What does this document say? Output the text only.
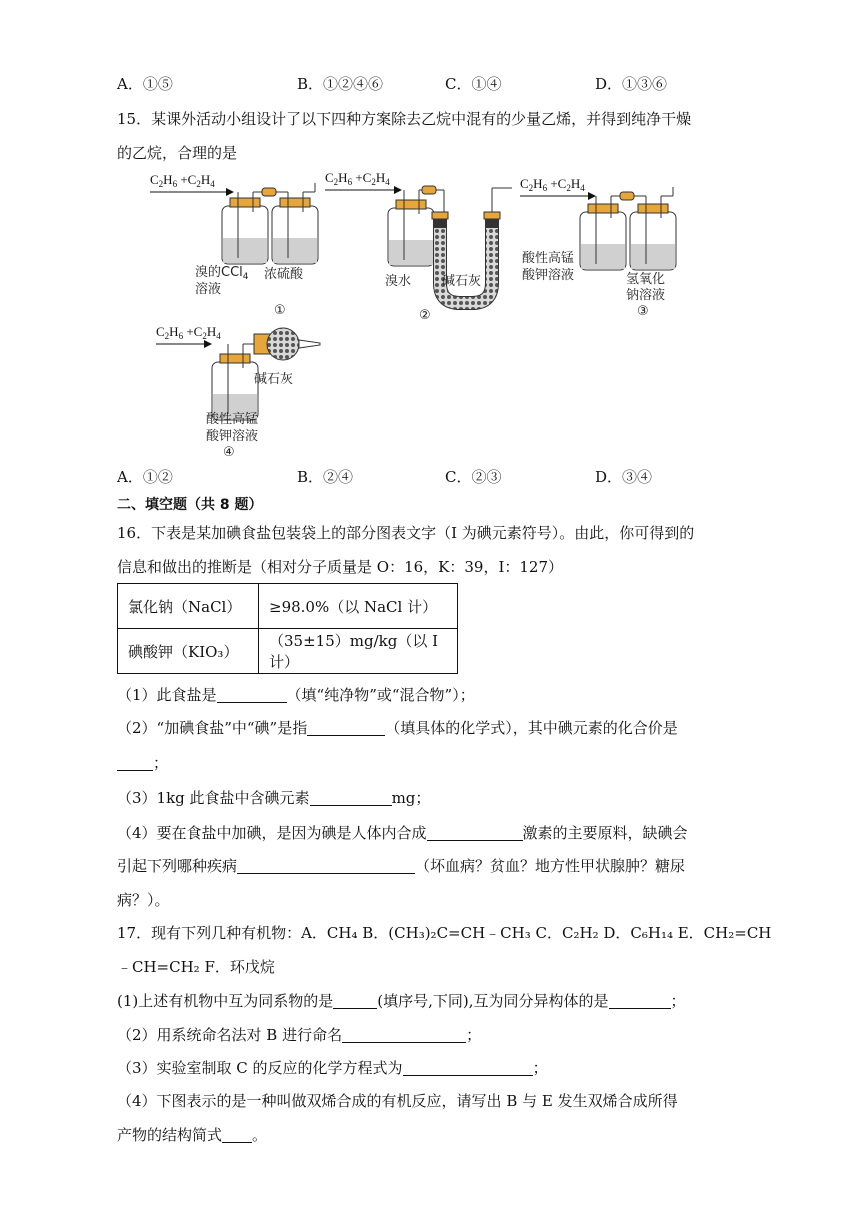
A．①⑤	B．①②④⑥	C．①④	D．①③⑥
15．某课外活动小组设计了以下四种方案除去乙烷中混有的少量乙烯，并得到纯净干燥
的乙烷，合理的是
$C_2H_6 +C_2H_4$
溴的CCl$_4$
溶液
浓硫酸
①
$C_2H_6 +C_2H_4$
溴水 碱石灰
②
$C_2H_6 +C_2H_4$
酸性高锰
酸钾溶液	氢氧化
钠溶液
③
$C_2H_6 +C_2H_4$
碱石灰
酸性高锰
酸钾溶液
④
A．①②	B．②④	C．②③	D．③④
二、填空题（共 8 题）
16．下表是某加碘食盐包装袋上的部分图表文字（I 为碘元素符号）。由此，你可得到的
信息和做出的推断是（相对分子质量是 O：16，K：39，I：127）
氯化钠（NaCl）	≥98.0%（以 NaCl 计）
碘酸钾（KIO₃）	（35±15）mg/kg（以 I 计）
（1）此食盐是	（填“纯净物”或“混合物”）；
（2）“加碘食盐”中“碘”是指	（填具体的化学式），其中碘元素的化合价是
；
（3）1kg 此食盐中含碘元素	mg；
（4）要在食盐中加碘，是因为碘是人体内合成	激素的主要原料，缺碘会
引起下列哪种疾病	（坏血病？贫血？地方性甲状腺肿？糖尿
病？）。
17．现有下列几种有机物：A．CH₄ B．(CH₃)₂C=CH﹣CH₃ C．C₂H₂ D．C₆H₁₄ E．CH₂=CH
﹣CH=CH₂ F．环戊烷
(1)上述有机物中互为同系物的是	(填序号,下同),互为同分异构体的是	；
（2）用系统命名法对 B 进行命名	；
（3）实验室制取 C 的反应的化学方程式为	；
（4）下图表示的是一种叫做双烯合成的有机反应，请写出 B 与 E 发生双烯合成所得
产物的结构简式 。
